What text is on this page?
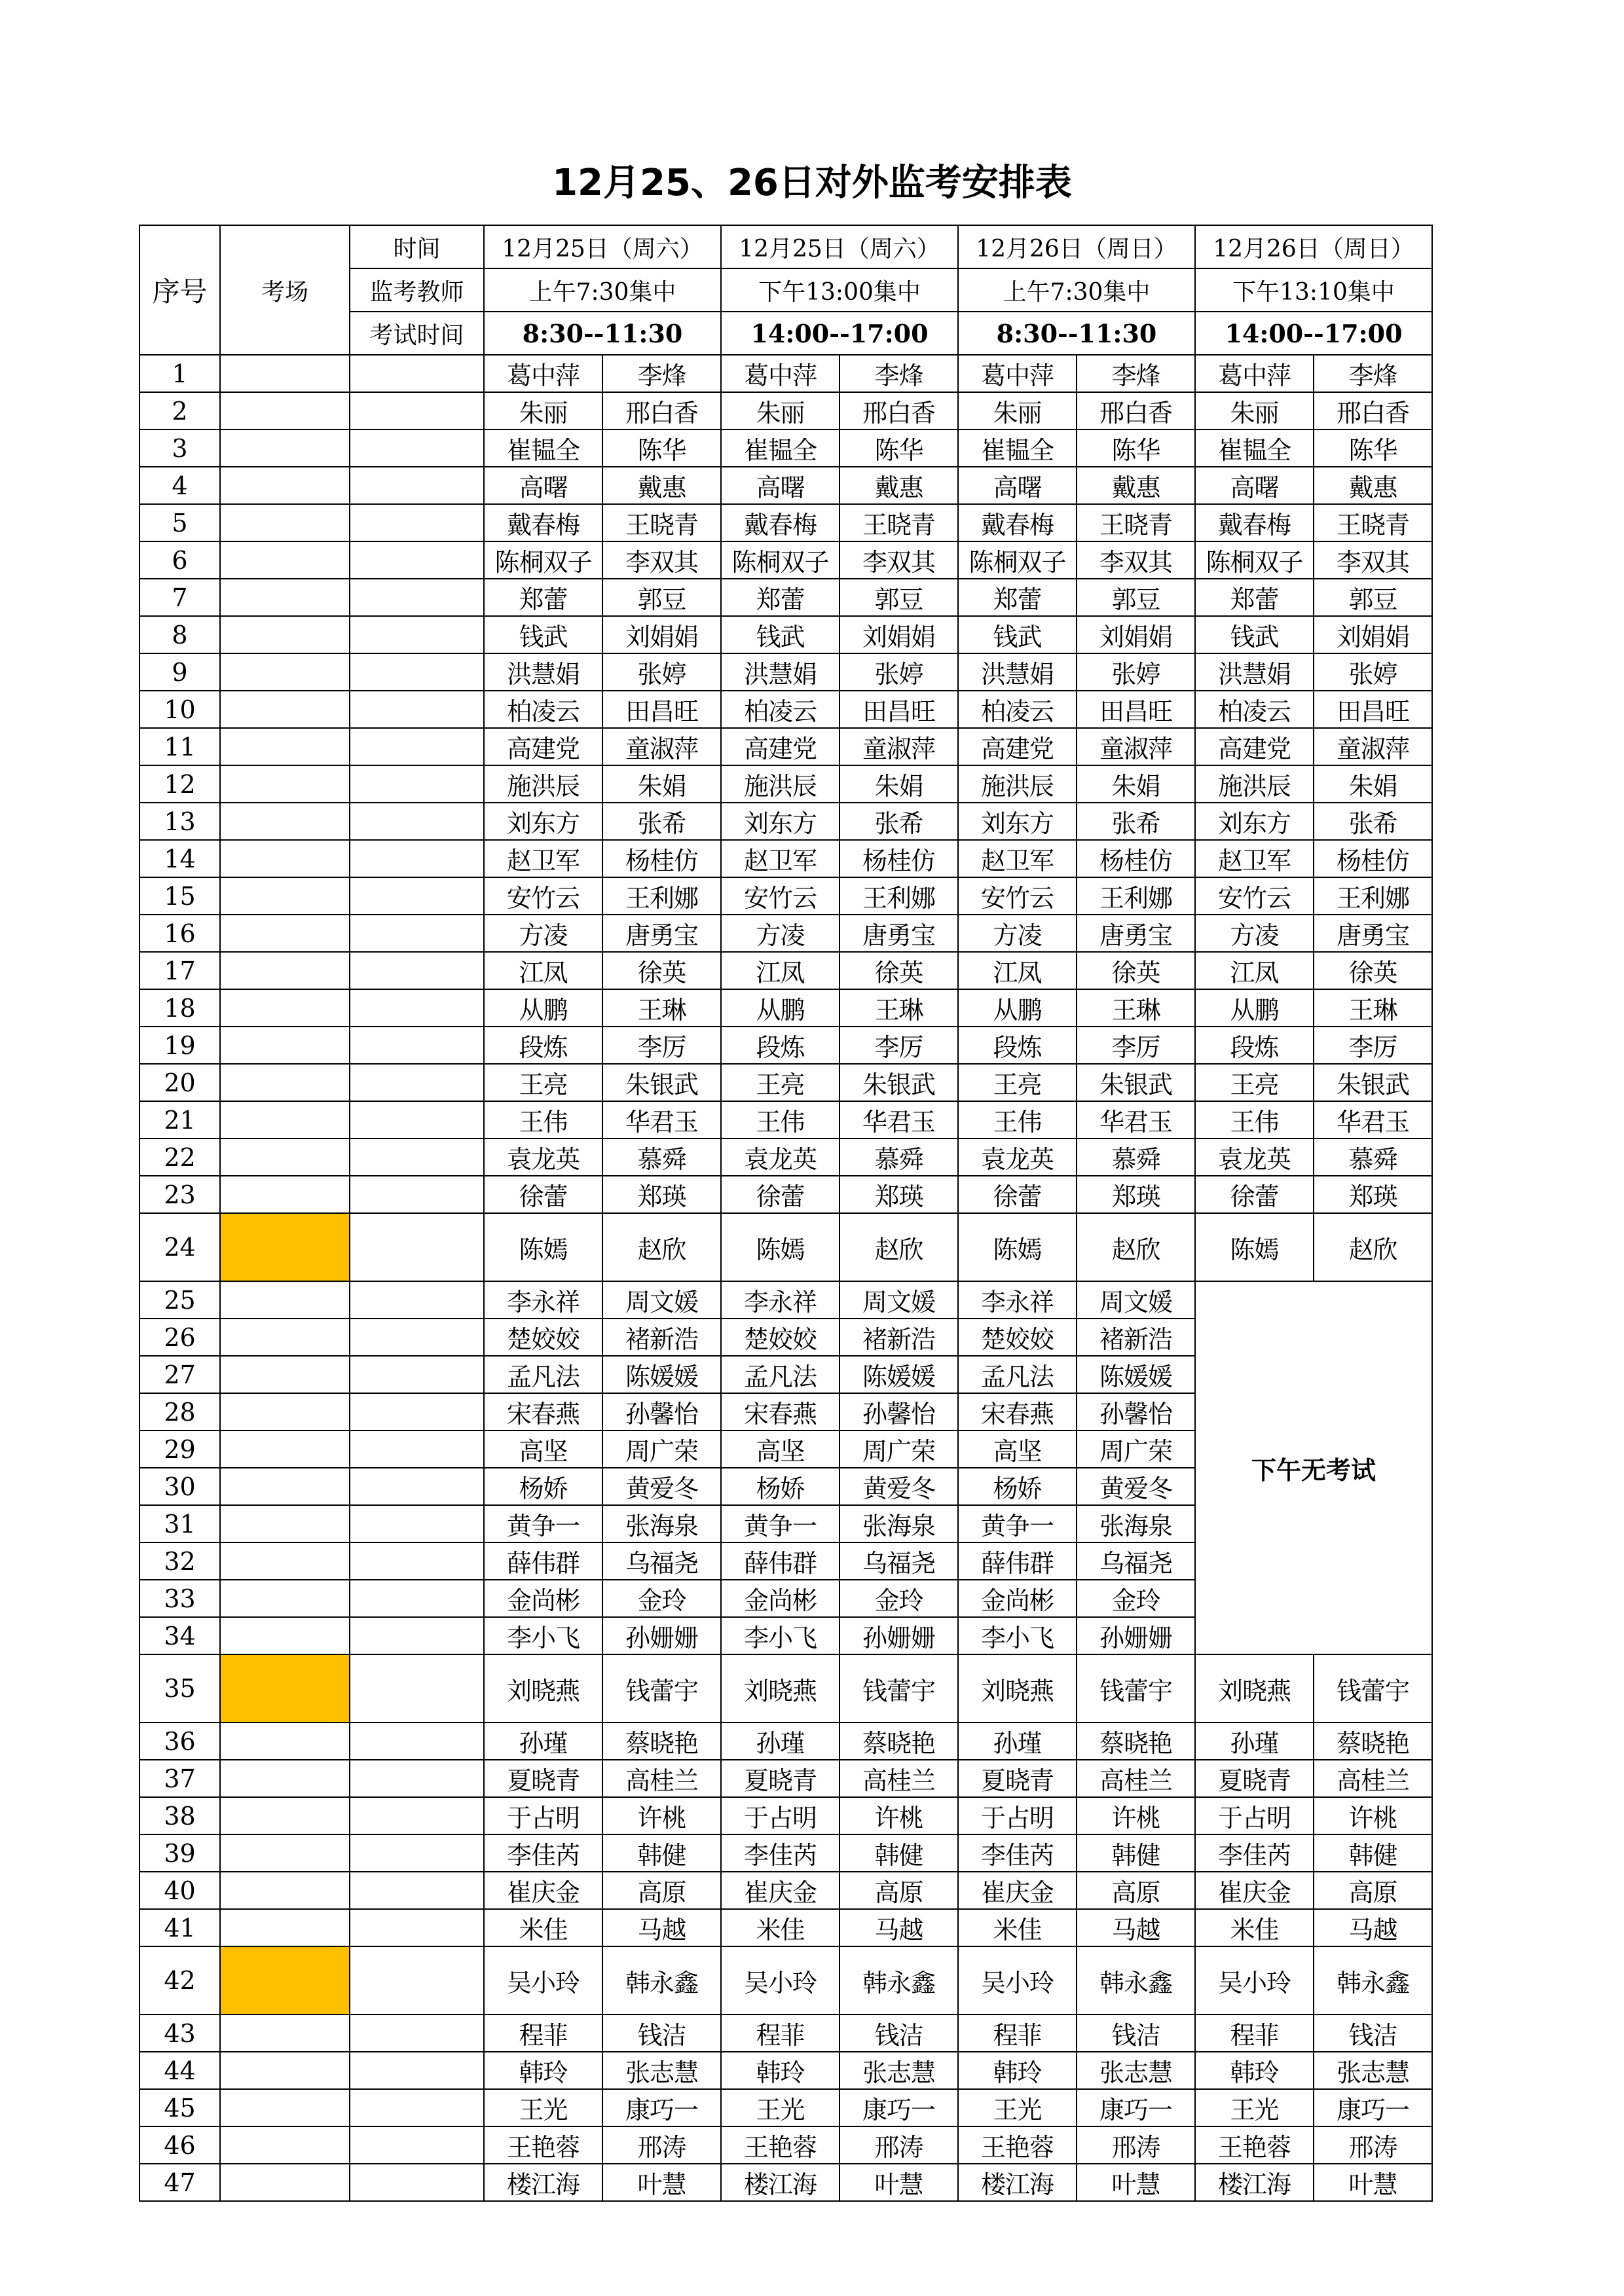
12月25、26日对外监考安排表
序号	考场	时间	12月25日（周六）		12月25日（周六）		12月26日（周日）		12月26日（周日）	
		监考教师	上午7:30集中		下午13:00集中		上午7:30集中		下午13:10集中	
		考试时间	8:30--11:30		14:00--17:00		8:30--11:30		14:00--17:00	
1			葛中萍	李烽	葛中萍	李烽	葛中萍	李烽	葛中萍	李烽
2			朱丽	邢白香	朱丽	邢白香	朱丽	邢白香	朱丽	邢白香
3			崔韫全	陈华	崔韫全	陈华	崔韫全	陈华	崔韫全	陈华
4			高曙	戴惠	高曙	戴惠	高曙	戴惠	高曙	戴惠
5			戴春梅	王晓青	戴春梅	王晓青	戴春梅	王晓青	戴春梅	王晓青
6			陈桐双子	李双其	陈桐双子	李双其	陈桐双子	李双其	陈桐双子	李双其
7			郑蕾	郭豆	郑蕾	郭豆	郑蕾	郭豆	郑蕾	郭豆
8			钱武	刘娟娟	钱武	刘娟娟	钱武	刘娟娟	钱武	刘娟娟
9			洪慧娟	张婷	洪慧娟	张婷	洪慧娟	张婷	洪慧娟	张婷
10			柏凌云	田昌旺	柏凌云	田昌旺	柏凌云	田昌旺	柏凌云	田昌旺
11			高建党	童淑萍	高建党	童淑萍	高建党	童淑萍	高建党	童淑萍
12			施洪辰	朱娟	施洪辰	朱娟	施洪辰	朱娟	施洪辰	朱娟
13			刘东方	张希	刘东方	张希	刘东方	张希	刘东方	张希
14			赵卫军	杨桂仿	赵卫军	杨桂仿	赵卫军	杨桂仿	赵卫军	杨桂仿
15			安竹云	王利娜	安竹云	王利娜	安竹云	王利娜	安竹云	王利娜
16			方凌	唐勇宝	方凌	唐勇宝	方凌	唐勇宝	方凌	唐勇宝
17			江凤	徐英	江凤	徐英	江凤	徐英	江凤	徐英
18			从鹏	王琳	从鹏	王琳	从鹏	王琳	从鹏	王琳
19			段炼	李厉	段炼	李厉	段炼	李厉	段炼	李厉
20			王亮	朱银武	王亮	朱银武	王亮	朱银武	王亮	朱银武
21			王伟	华君玉	王伟	华君玉	王伟	华君玉	王伟	华君玉
22			袁龙英	慕舜	袁龙英	慕舜	袁龙英	慕舜	袁龙英	慕舜
23			徐蕾	郑瑛	徐蕾	郑瑛	徐蕾	郑瑛	徐蕾	郑瑛
24			陈嫣	赵欣	陈嫣	赵欣	陈嫣	赵欣	陈嫣	赵欣
25			李永祥	周文媛	李永祥	周文媛	李永祥	周文媛	下午无考试	
26			楚姣姣	褚新浩	楚姣姣	褚新浩	楚姣姣	褚新浩		
27			孟凡法	陈媛媛	孟凡法	陈媛媛	孟凡法	陈媛媛		
28			宋春燕	孙馨怡	宋春燕	孙馨怡	宋春燕	孙馨怡		
29			高坚	周广荣	高坚	周广荣	高坚	周广荣		
30			杨娇	黄爱冬	杨娇	黄爱冬	杨娇	黄爱冬		
31			黄争一	张海泉	黄争一	张海泉	黄争一	张海泉		
32			薛伟群	乌福尧	薛伟群	乌福尧	薛伟群	乌福尧		
33			金尚彬	金玲	金尚彬	金玲	金尚彬	金玲		
34			李小飞	孙姗姗	李小飞	孙姗姗	李小飞	孙姗姗		
35			刘晓燕	钱蕾宇	刘晓燕	钱蕾宇	刘晓燕	钱蕾宇	刘晓燕	钱蕾宇
36			孙瑾	蔡晓艳	孙瑾	蔡晓艳	孙瑾	蔡晓艳	孙瑾	蔡晓艳
37			夏晓青	高桂兰	夏晓青	高桂兰	夏晓青	高桂兰	夏晓青	高桂兰
38			于占明	许桃	于占明	许桃	于占明	许桃	于占明	许桃
39			李佳芮	韩健	李佳芮	韩健	李佳芮	韩健	李佳芮	韩健
40			崔庆金	高原	崔庆金	高原	崔庆金	高原	崔庆金	高原
41			米佳	马越	米佳	马越	米佳	马越	米佳	马越
42			吴小玲	韩永鑫	吴小玲	韩永鑫	吴小玲	韩永鑫	吴小玲	韩永鑫
43			程菲	钱洁	程菲	钱洁	程菲	钱洁	程菲	钱洁
44			韩玲	张志慧	韩玲	张志慧	韩玲	张志慧	韩玲	张志慧
45			王光	康巧一	王光	康巧一	王光	康巧一	王光	康巧一
46			王艳蓉	邢涛	王艳蓉	邢涛	王艳蓉	邢涛	王艳蓉	邢涛
47			楼江海	叶慧	楼江海	叶慧	楼江海	叶慧	楼江海	叶慧
